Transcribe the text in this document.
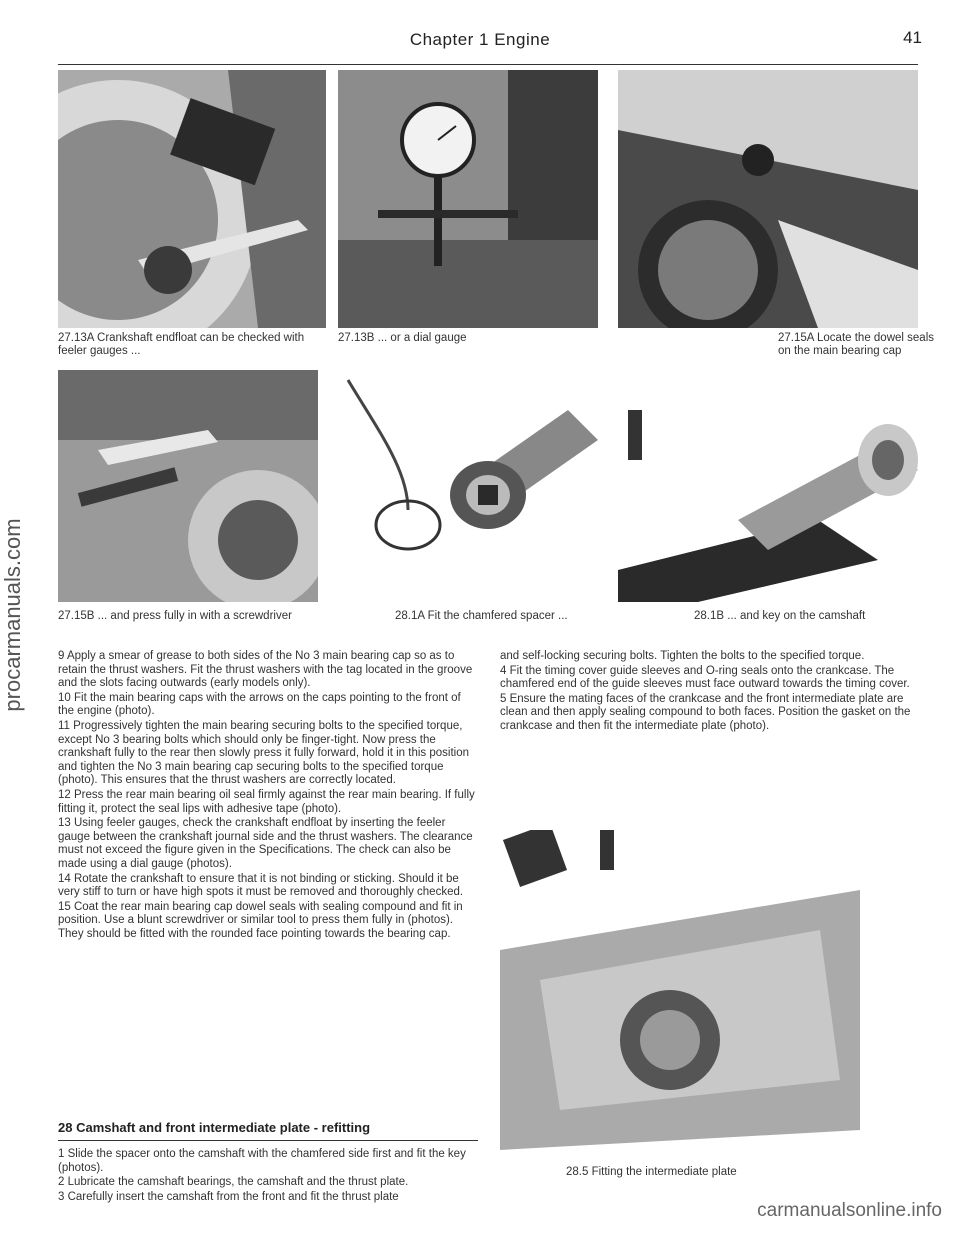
Chapter 1 Engine	41
27.13A Crankshaft endfloat can be checked with feeler gauges ...
27.13B ... or a dial gauge	27.15A Locate the dowel seals on the main bearing cap
27.15B ... and press fully in with a screwdriver	28.1A Fit the chamfered spacer ...	28.1B ... and key on the camshaft

9 Apply a smear of grease to both sides of the No 3 main bearing cap so as to retain the thrust washers. Fit the thrust washers with the tag located in the groove and the slots facing outwards (early models only).

10 Fit the main bearing caps with the arrows on the caps pointing to the front of the engine (photo).

11 Progressively tighten the main bearing securing bolts to the specified torque, except No 3 bearing bolts which should only be finger-tight. Now press the crankshaft fully to the rear then slowly press it fully forward, hold it in this position and tighten the No 3 main bearing cap securing bolts to the specified torque (photo). This ensures that the thrust washers are correctly located.

12 Press the rear main bearing oil seal firmly against the rear main bearing. If fully fitting it, protect the seal lips with adhesive tape (photo).

13 Using feeler gauges, check the crankshaft endfloat by inserting the feeler gauge between the crankshaft journal side and the thrust washers. The clearance must not exceed the figure given in the Specifications. The check can also be made using a dial gauge (photos).

14 Rotate the crankshaft to ensure that it is not binding or sticking. Should it be very stiff to turn or have high spots it must be removed and thoroughly checked.

15 Coat the rear main bearing cap dowel seals with sealing compound and fit in position. Use a blunt screwdriver or similar tool to press them fully in (photos). They should be fitted with the rounded face pointing towards the bearing cap.

28 Camshaft and front intermediate plate - refitting

1 Slide the spacer onto the camshaft with the chamfered side first and fit the key (photos).

2 Lubricate the camshaft bearings, the camshaft and the thrust plate.

3 Carefully insert the camshaft from the front and fit the thrust plate

and self-locking securing bolts. Tighten the bolts to the specified torque.

4 Fit the timing cover guide sleeves and O-ring seals onto the crankcase. The chamfered end of the guide sleeves must face outward towards the timing cover.

5 Ensure the mating faces of the crankcase and the front intermediate plate are clean and then apply sealing compound to both faces. Position the gasket on the crankcase and then fit the intermediate plate (photo).

28.5 Fitting the intermediate plate
procarmanuals.com
carmanualsonline.info
